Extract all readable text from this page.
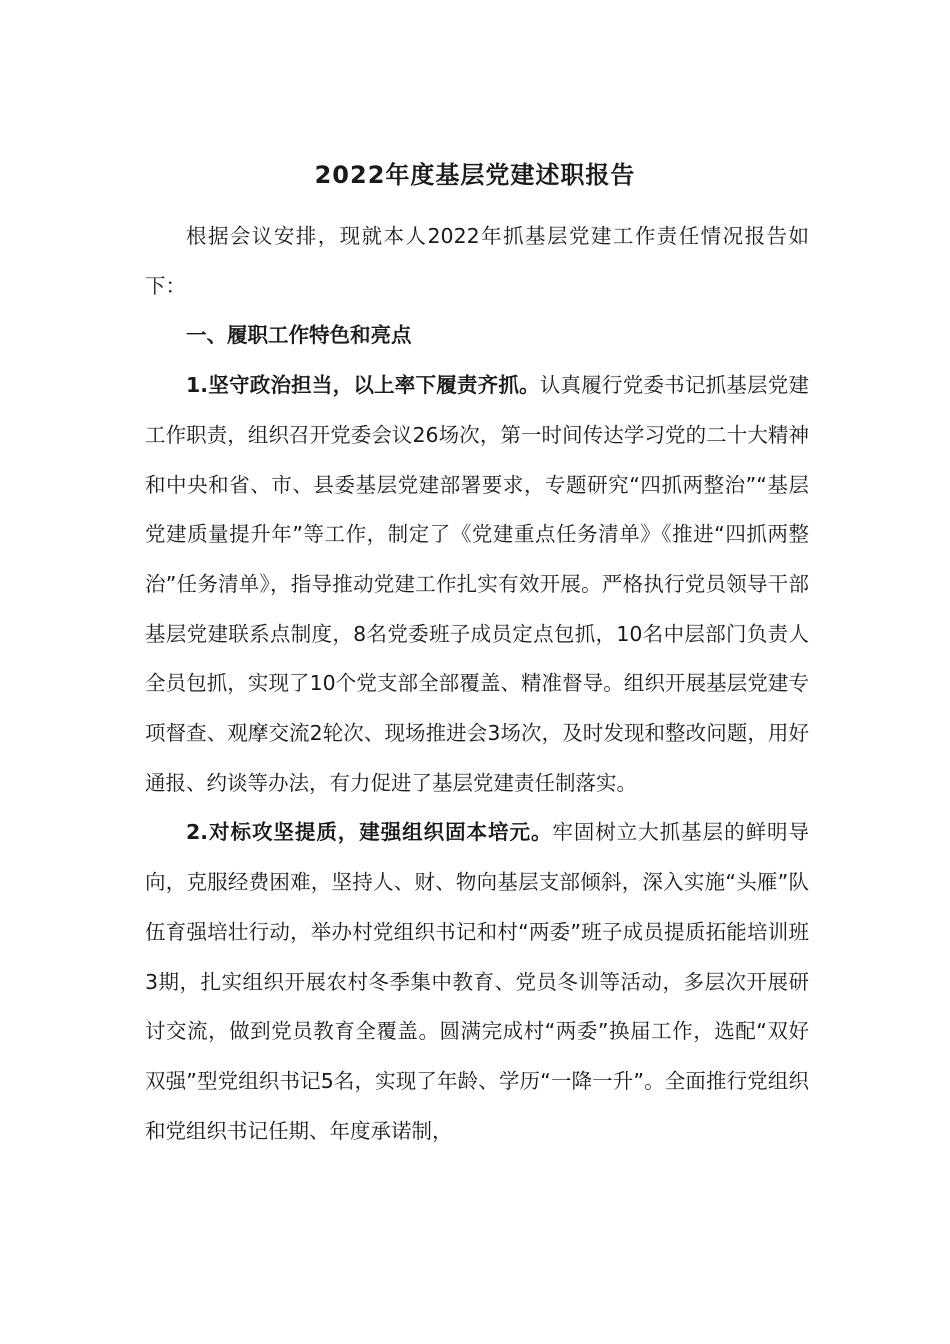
2022年度基层党建述职报告

根据会议安排，现就本人2022年抓基层党建工作责任情况报告如下：

一、履职工作特色和亮点

1.坚守政治担当，以上率下履责齐抓。认真履行党委书记抓基层党建工作职责，组织召开党委会议26场次，第一时间传达学习党的二十大精神和中央和省、市、县委基层党建部署要求，专题研究“四抓两整治”“基层党建质量提升年”等工作，制定了《党建重点任务清单》《推进“四抓两整治”任务清单》，指导推动党建工作扎实有效开展。严格执行党员领导干部基层党建联系点制度，8名党委班子成员定点包抓，10名中层部门负责人全员包抓，实现了10个党支部全部覆盖、精准督导。组织开展基层党建专项督查、观摩交流2轮次、现场推进会3场次，及时发现和整改问题，用好通报、约谈等办法，有力促进了基层党建责任制落实。

2.对标攻坚提质，建强组织固本培元。牢固树立大抓基层的鲜明导向，克服经费困难，坚持人、财、物向基层支部倾斜，深入实施“头雁”队伍育强培壮行动，举办村党组织书记和村“两委”班子成员提质拓能培训班3期，扎实组织开展农村冬季集中教育、党员冬训等活动，多层次开展研讨交流，做到党员教育全覆盖。圆满完成村“两委”换届工作，选配“双好双强”型党组织书记5名，实现了年龄、学历“一降一升”。全面推行党组织和党组织书记任期、年度承诺制，
